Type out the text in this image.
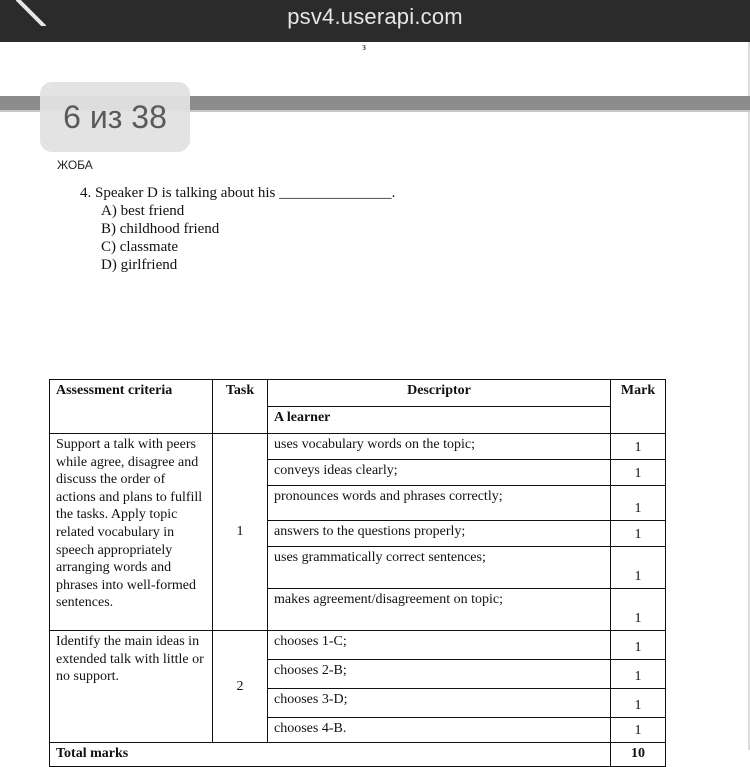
з
psv4.userapi.com
6 из 38
ЖОБА
4. Speaker D is talking about his _______________.
A) best friend
B) childhood friend
C) classmate
D) girlfriend
Assessment criteria	Task	Descriptor	Mark
		A learner	
Support a talk with peers while agree, disagree and discuss the order of actions and plans to fulfill the tasks. Apply topic related vocabulary in speech appropriately arranging words and phrases into well-formed sentences.	1	uses vocabulary words on the topic;	1
		conveys ideas clearly;	1
		pronounces words and phrases correctly;	1
		answers to the questions properly;	1
		uses grammatically correct sentences;	1
		makes agreement/disagreement on topic;	1
Identify the main ideas in extended talk with little or no support.	2	chooses 1-C;	1
		chooses 2-B;	1
		chooses 3-D;	1
		chooses 4-B.	1
Total marks			10
